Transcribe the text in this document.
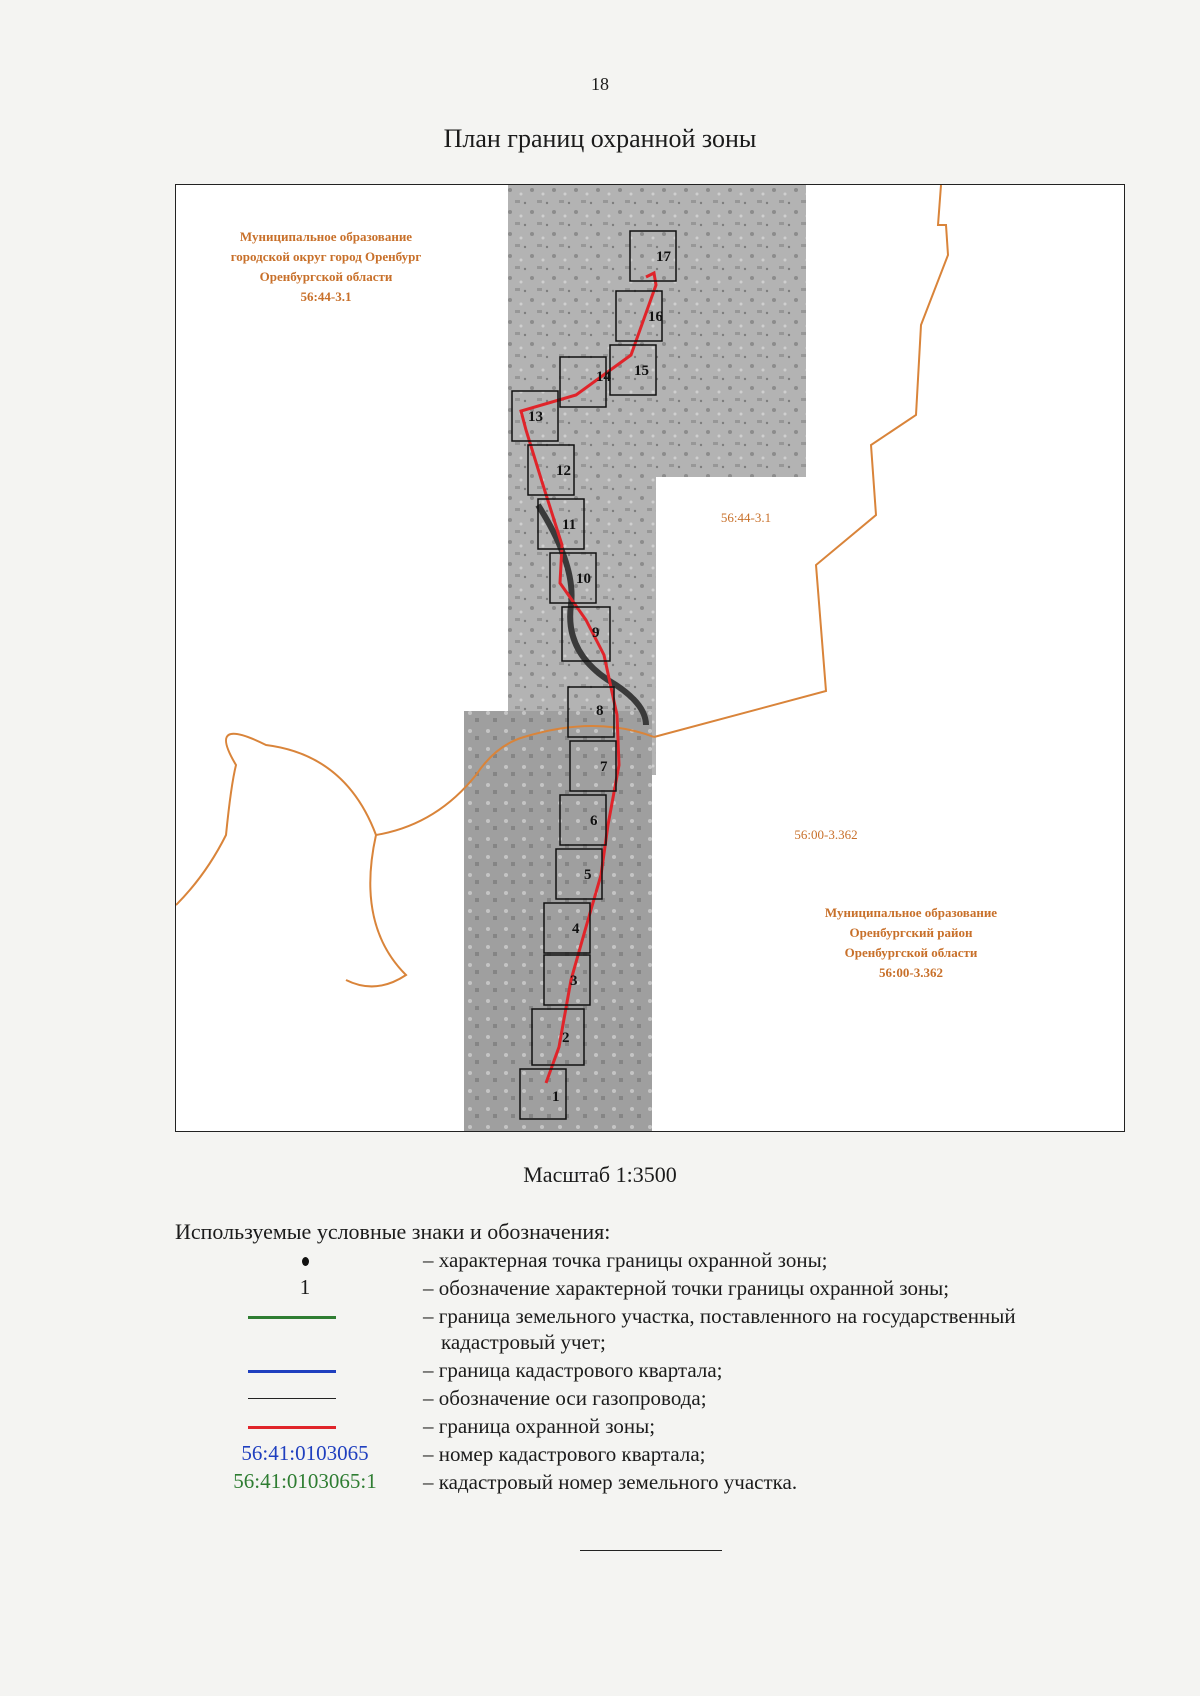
18
План границ охранной зоны
1
2
3
4
5
6
7
8
9
10
11
12
13
14 15
16
17
Муниципальное образование
городской округ город Оренбург
Оренбургской области
56:44-3.1
56:44-3.1
56:00-3.362
Муниципальное образование
Оренбургский район
Оренбургской области
56:00-3.362
Масштаб 1:3500
Используемые условные знаки и обозначения:
– характерная точка границы охранной зоны;
1	– обозначение характерной точки границы охранной зоны;
– граница земельного участка, поставленного на государственный
кадастровый учет;
– граница кадастрового квартала;
– обозначение оси газопровода;
– граница охранной зоны;
56:41:0103065	– номер кадастрового квартала;
56:41:0103065:1	– кадастровый номер земельного участка.
